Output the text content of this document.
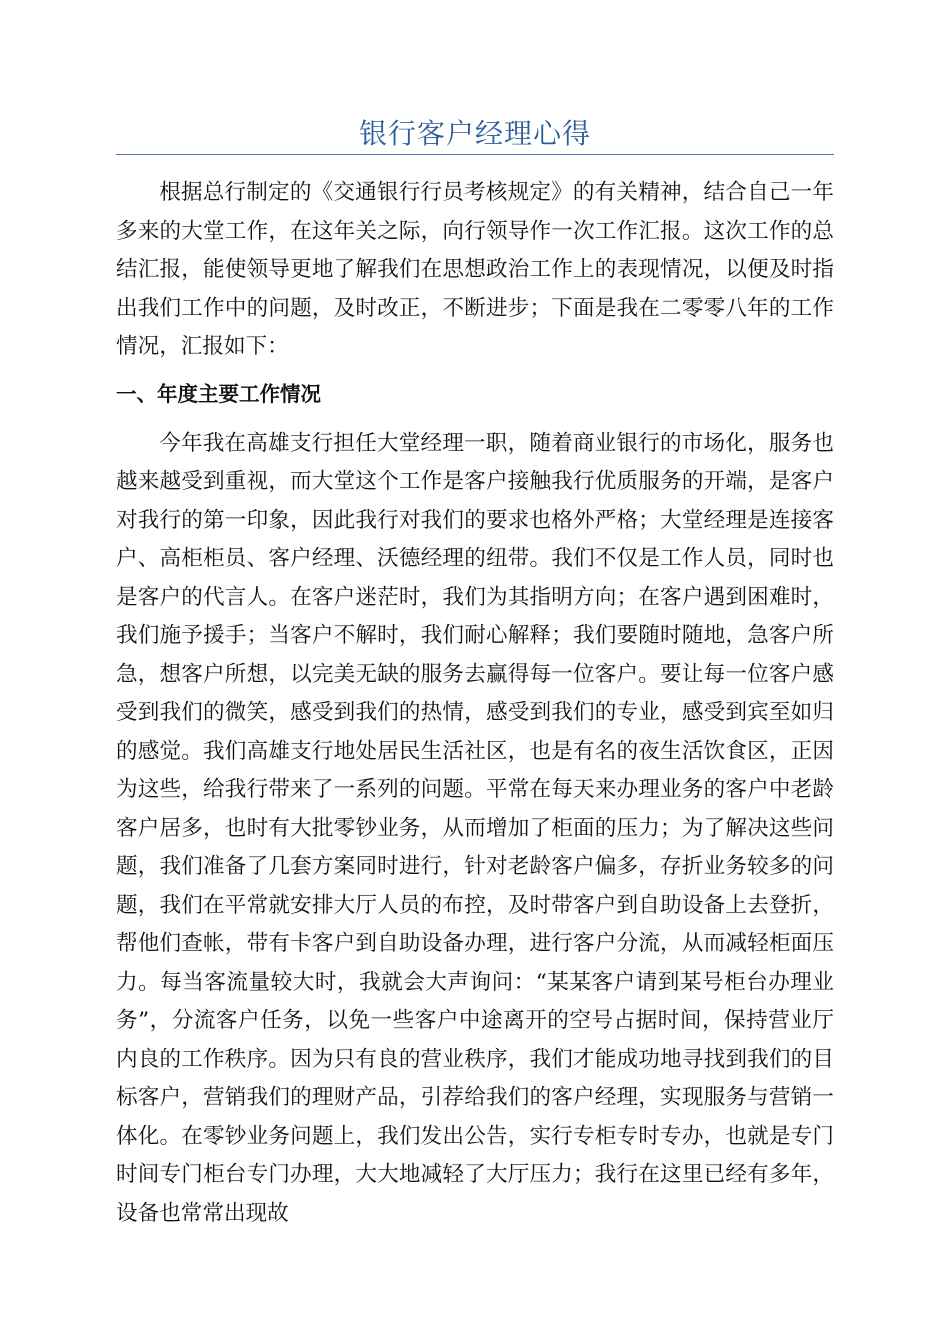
银行客户经理心得

根据总行制定的《交通银行行员考核规定》的有关精神，结合自己一年多来的大堂工作，在这年关之际，向行领导作一次工作汇报。这次工作的总结汇报，能使领导更地了解我们在思想政治工作上的表现情况，以便及时指出我们工作中的问题，及时改正，不断进步；下面是我在二零零八年的工作情况，汇报如下：

一、年度主要工作情况

今年我在高雄支行担任大堂经理一职，随着商业银行的市场化，服务也越来越受到重视，而大堂这个工作是客户接触我行优质服务的开端，是客户对我行的第一印象，因此我行对我们的要求也格外严格；大堂经理是连接客户、高柜柜员、客户经理、沃德经理的纽带。我们不仅是工作人员，同时也是客户的代言人。在客户迷茫时，我们为其指明方向；在客户遇到困难时，我们施予援手；当客户不解时，我们耐心解释；我们要随时随地，急客户所急，想客户所想，以完美无缺的服务去赢得每一位客户。要让每一位客户感受到我们的微笑，感受到我们的热情，感受到我们的专业，感受到宾至如归的感觉。我们高雄支行地处居民生活社区，也是有名的夜生活饮食区，正因为这些，给我行带来了一系列的问题。平常在每天来办理业务的客户中老龄客户居多，也时有大批零钞业务，从而增加了柜面的压力；为了解决这些问题，我们准备了几套方案同时进行，针对老龄客户偏多，存折业务较多的问题，我们在平常就安排大厅人员的布控，及时带客户到自助设备上去登折，帮他们查帐，带有卡客户到自助设备办理，进行客户分流，从而减轻柜面压力。每当客流量较大时，我就会大声询问：“某某客户请到某号柜台办理业务”，分流客户任务，以免一些客户中途离开的空号占据时间，保持营业厅内良的工作秩序。因为只有良的营业秩序，我们才能成功地寻找到我们的目标客户，营销我们的理财产品，引荐给我们的客户经理，实现服务与营销一体化。在零钞业务问题上，我们发出公告，实行专柜专时专办，也就是专门时间专门柜台专门办理，大大地减轻了大厅压力；我行在这里已经有多年，设备也常常出现故
